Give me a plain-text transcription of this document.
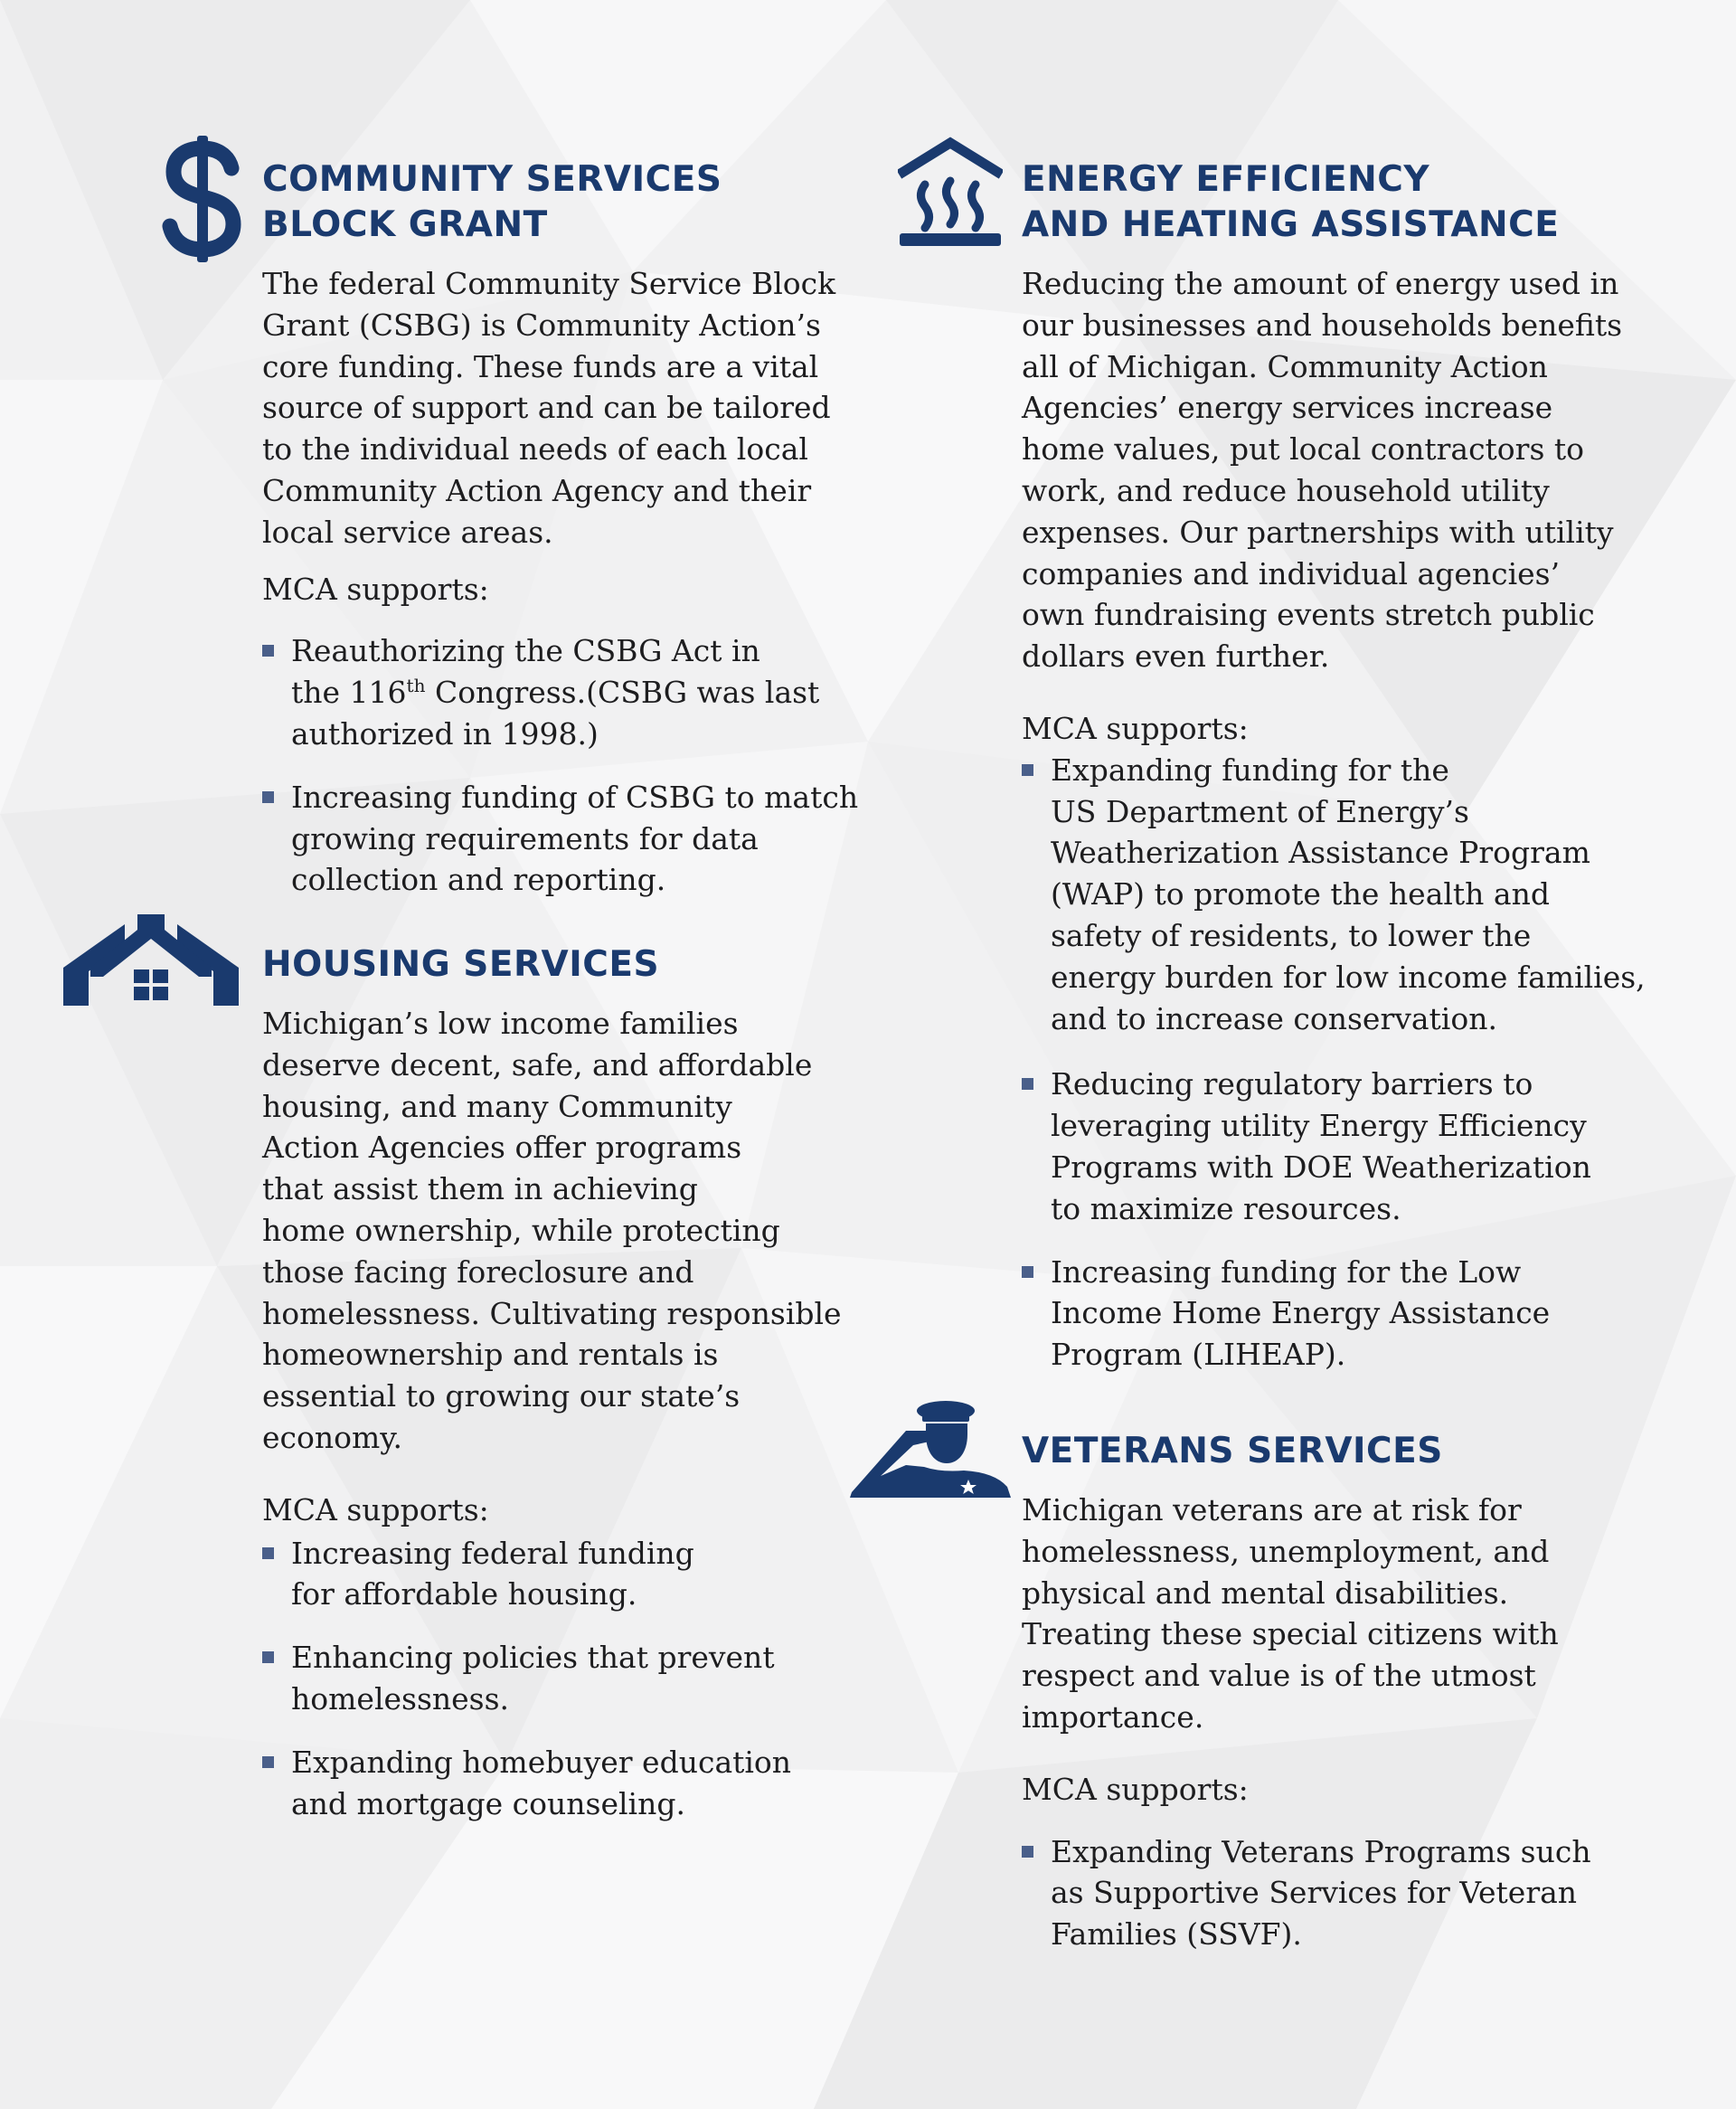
COMMUNITY SERVICES
BLOCK GRANT

The federal Community Service Block
Grant (CSBG) is Community Action’s
core funding. These funds are a vital
source of support and can be tailored
to the individual needs of each local
Community Action Agency and their
local service areas.

MCA supports:

Reauthorizing the CSBG Act in
the 116th Congress.(CSBG was last
authorized in 1998.)
Increasing funding of CSBG to match
growing requirements for data
collection and reporting.
HOUSING SERVICES

Michigan’s low income families
deserve decent, safe, and affordable
housing, and many Community
Action Agencies offer programs
that assist them in achieving
home ownership, while protecting
those facing foreclosure and
homelessness. Cultivating responsible
homeownership and rentals is
essential to growing our state’s
economy.

MCA supports:

Increasing federal funding
for affordable housing.
Enhancing policies that prevent
homelessness.
Expanding homebuyer education
and mortgage counseling.
ENERGY EFFICIENCY
AND HEATING ASSISTANCE

Reducing the amount of energy used in
our businesses and households benefits
all of Michigan. Community Action
Agencies’ energy services increase
home values, put local contractors to
work, and reduce household utility
expenses. Our partnerships with utility
companies and individual agencies’
own fundraising events stretch public
dollars even further.

MCA supports:

Expanding funding for the
US Department of Energy’s
Weatherization Assistance Program
(WAP) to promote the health and
safety of residents, to lower the
energy burden for low income families,
and to increase conservation.
Reducing regulatory barriers to
leveraging utility Energy Efficiency
Programs with DOE Weatherization
to maximize resources.
Increasing funding for the Low
Income Home Energy Assistance
Program (LIHEAP).
VETERANS SERVICES

Michigan veterans are at risk for
homelessness, unemployment, and
physical and mental disabilities.
Treating these special citizens with
respect and value is of the utmost
importance.

MCA supports:

Expanding Veterans Programs such
as Supportive Services for Veteran
Families (SSVF).
